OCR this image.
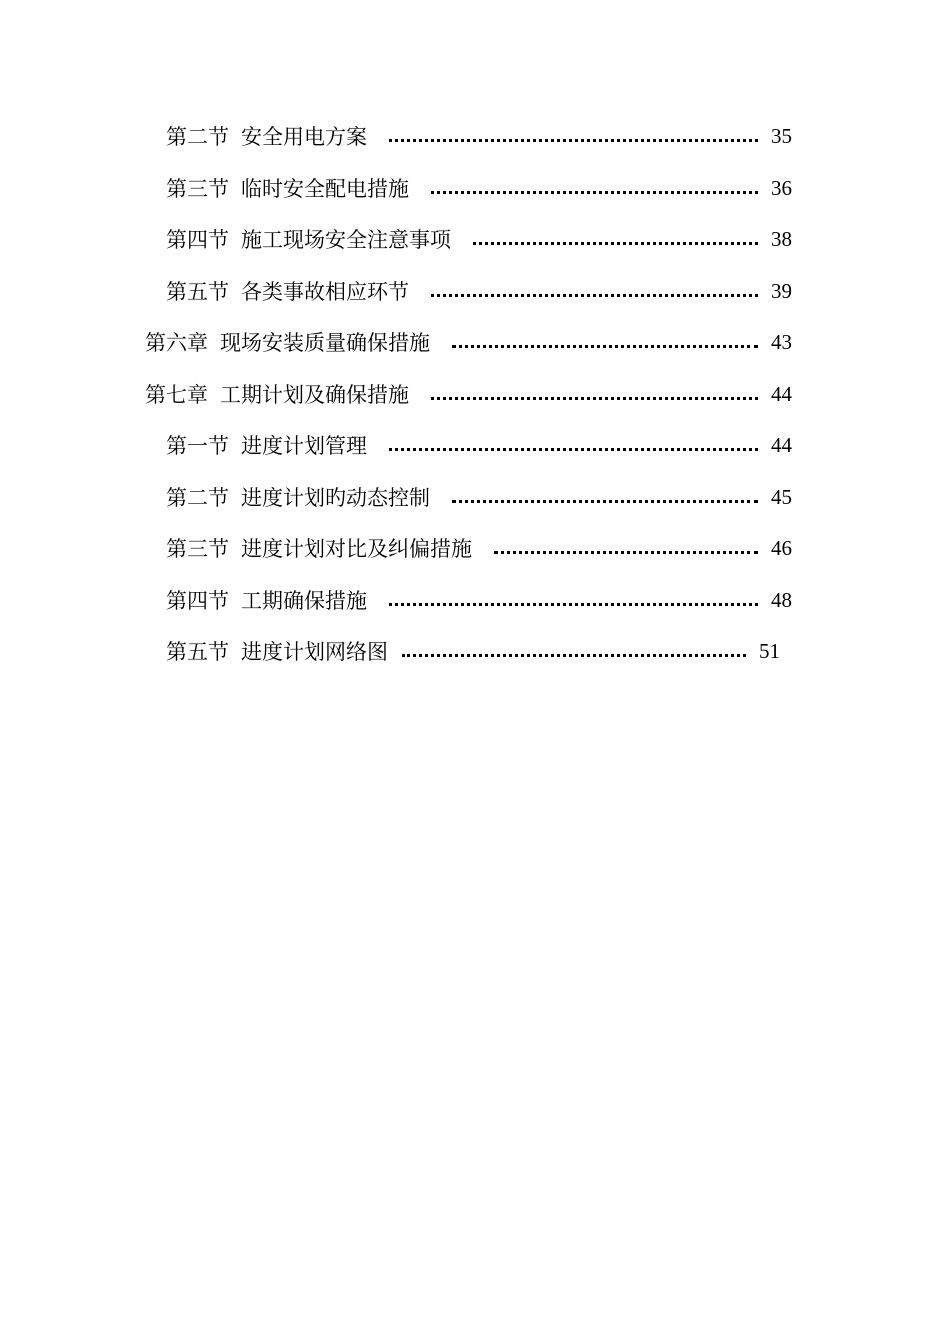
第二节 安全用电方案	35
第三节 临时安全配电措施	36
第四节 施工现场安全注意事项	38
第五节 各类事故相应环节	39
第六章 现场安装质量确保措施	43
第七章 工期计划及确保措施	44
第一节 进度计划管理	44
第二节 进度计划旳动态控制	45
第三节 进度计划对比及纠偏措施	46
第四节 工期确保措施	48
第五节 进度计划网络图	51
